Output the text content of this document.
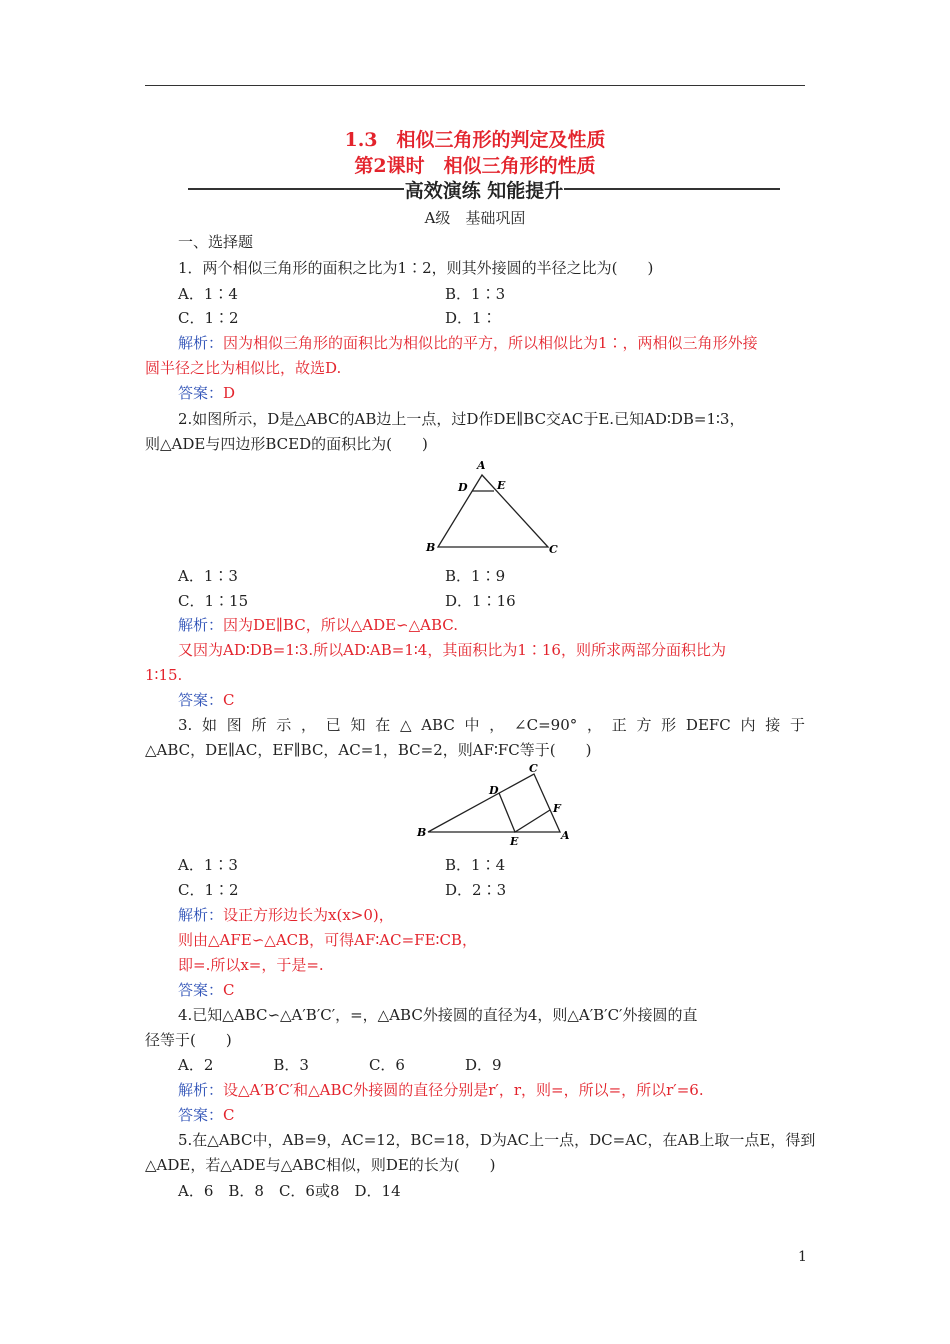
1.3　相似三角形的判定及性质
第2课时　相似三角形的性质
高效演练 知能提升
A级　基础巩固
一、选择题
1．两个相似三角形的面积之比为1∶2，则其外接圆的半径之比为(　　)
A．1∶4	B．1∶3
C．1∶2	D．1∶
解析：因为相似三角形的面积比为相似比的平方，所以相似比为1∶，两相似三角形外接
圆半径之比为相似比，故选D.
答案：D
2.如图所示，D是△ABC的AB边上一点，过D作DE∥BC交AC于E.已知AD∶DB=1∶3，
则△ADE与四边形BCED的面积比为(　　)
A
D	E
B	C
A．1∶3	B．1∶9
C．1∶15	D．1∶16
解析：因为DE∥BC，所以△ADE∽△ABC.
又因为AD∶DB=1∶3.所以AD∶AB=1∶4，其面积比为1∶16，则所求两部分面积比为
1∶15.
答案：C
3.如图所示，已知在△ABC中，∠C=90°，正方形DEFC内接于
△ABC，DE∥AC，EF∥BC，AC=1，BC=2，则AF∶FC等于(　　)
C
D
F
B
E	A
A．1∶3	B．1∶4
C．1∶2	D．2∶3
解析：设正方形边长为x(x>0)，
则由△AFE∽△ACB，可得AF∶AC=FE∶CB，
即=.所以x=，于是=.
答案：C
4.已知△ABC∽△A′B′C′，=，△ABC外接圆的直径为4，则△A′B′C′外接圆的直
径等于(　　)
A．2　　　　B．3　　　　C．6　　　　D．9
解析：设△A′B′C′和△ABC外接圆的直径分别是r′，r，则=，所以=，所以r′=6.
答案：C
5.在△ABC中，AB=9，AC=12，BC=18，D为AC上一点，DC=AC，在AB上取一点E，得到
△ADE，若△ADE与△ABC相似，则DE的长为(　　)
A．6　B．8　C．6或8　D．14
1
